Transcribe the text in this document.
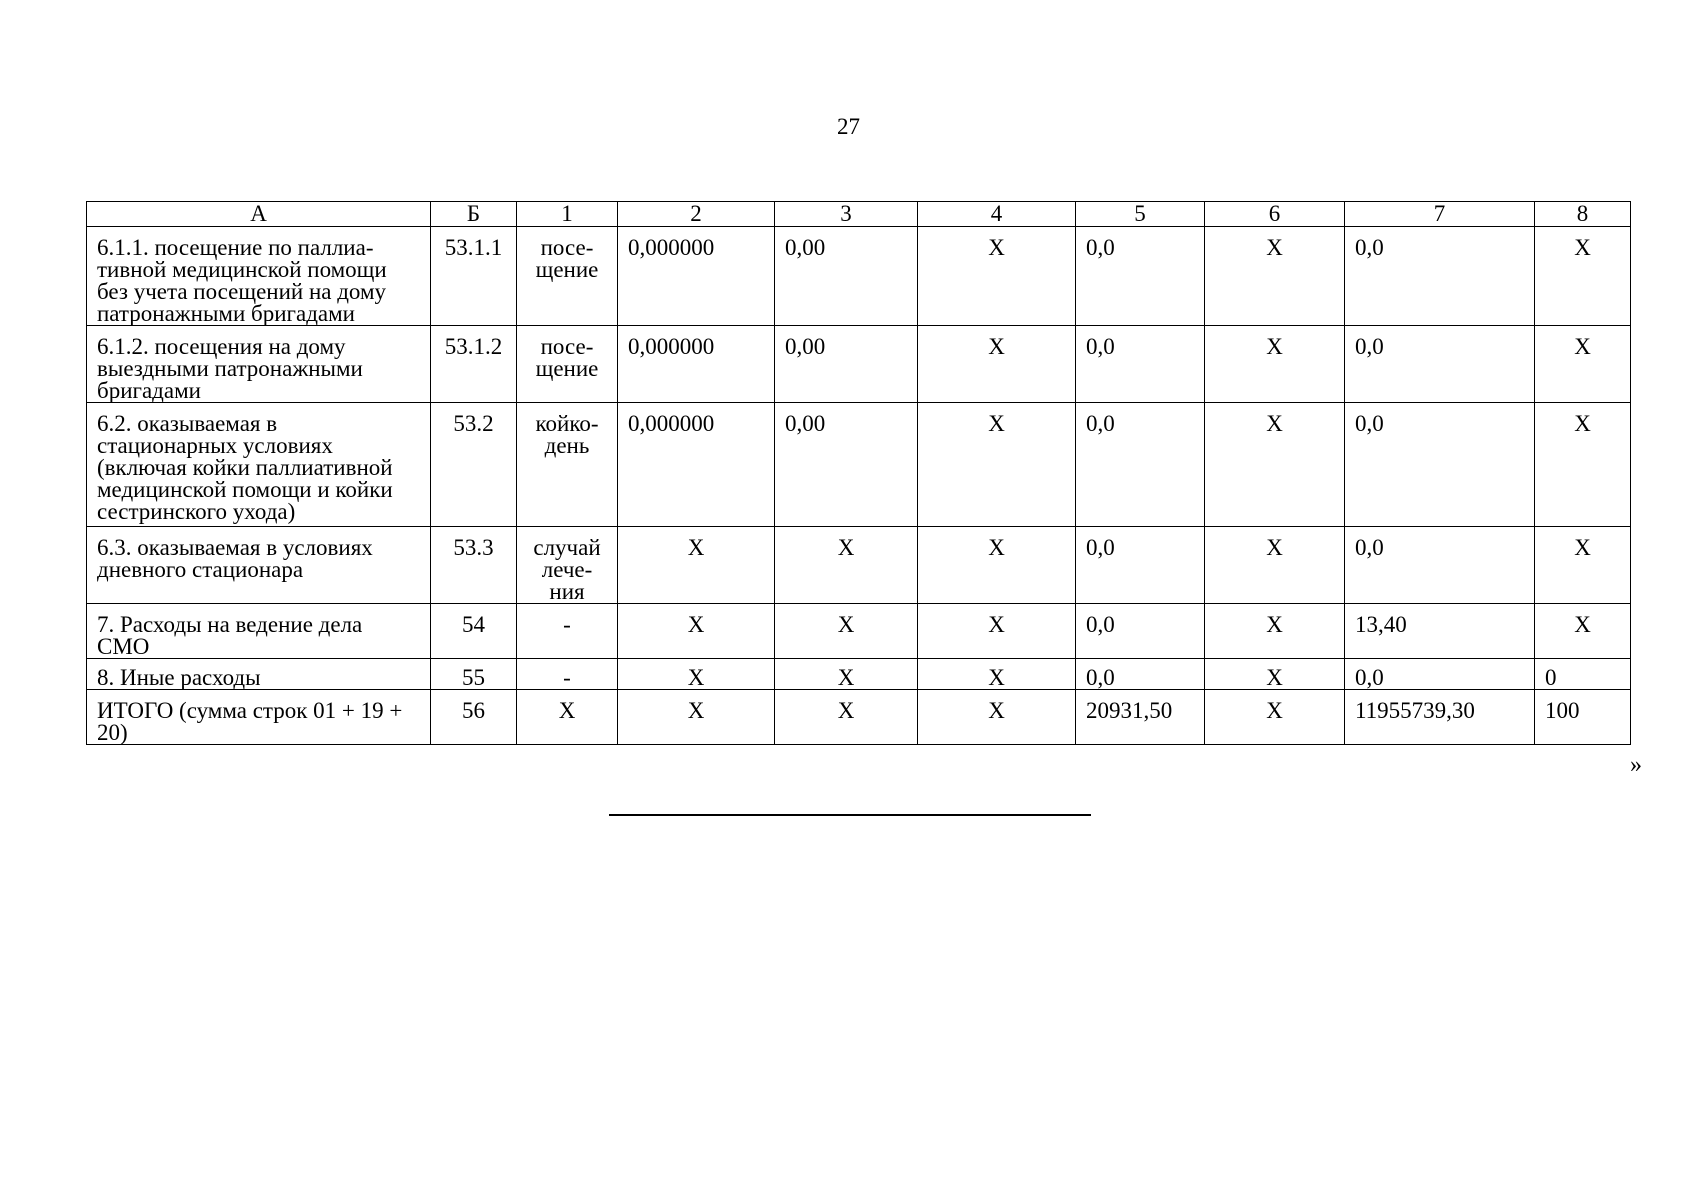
27
А	Б	1	2	3	4	5	6	7	8
6.1.1. посещение по паллиа-тивной медицинской помощи без учета посещений на дому патронажными бригадами	53.1.1	посе-щение	0,000000	0,00	X	0,0	X	0,0	X
6.1.2. посещения на дому выездными патронажными бригадами	53.1.2	посе-щение	0,000000	0,00	X	0,0	X	0,0	X
6.2. оказываемая в стационарных условиях (включая койки паллиативной медицинской помощи и койки сестринского ухода)	53.2	койко-день	0,000000	0,00	X	0,0	X	0,0	X
6.3. оказываемая в условиях дневного стационара	53.3	случай лече-ния	X	X	X	0,0	X	0,0	X
7. Расходы на ведение дела СМО	54	-	X	X	X	0,0	X	13,40	X
8. Иные расходы	55	-	X	X	X	0,0	X	0,0	0
ИТОГО (сумма строк 01 + 19 + 20)	56	X	X	X	X	20931,50	X	11955739,30	100
»
